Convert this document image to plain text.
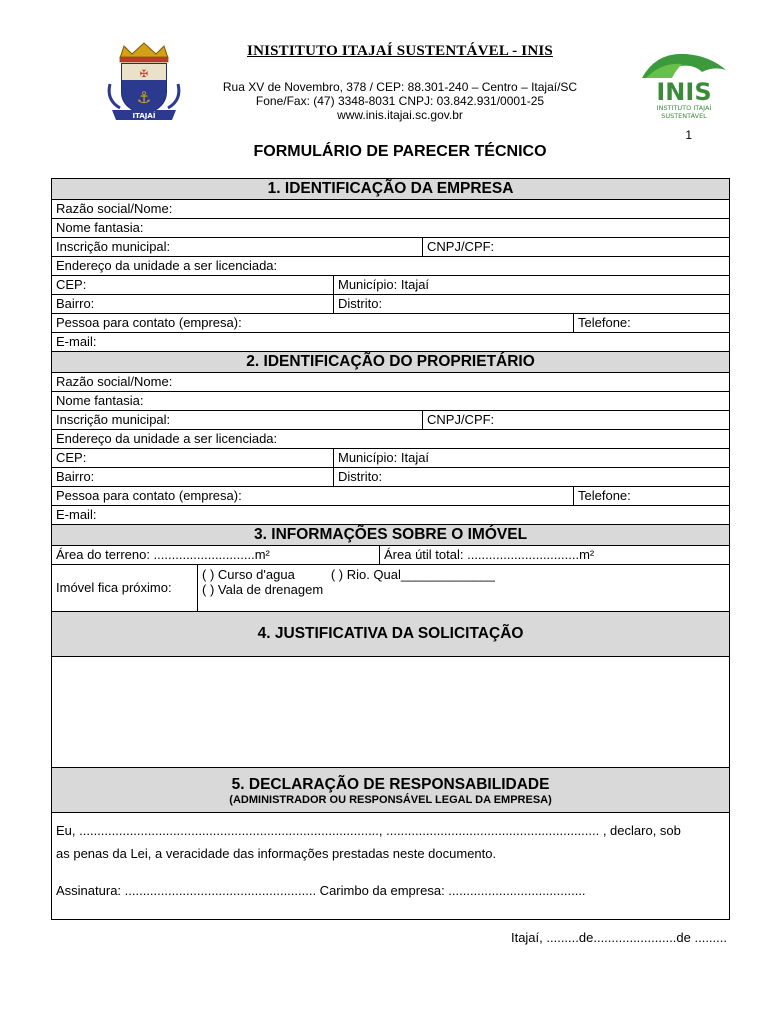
✠
⚓
ITAJAÍ
INISTITUTO ITAJAÍ SUSTENTÁVEL - INIS
Rua XV de Novembro, 378 / CEP: 88.301-240 – Centro – Itajaí/SC
Fone/Fax: (47) 3348-8031 CNPJ: 03.842.931/0001-25
www.inis.itajai.sc.gov.br
INIS
INSTITUTO ITAJAÍ
SUSTENTÁVEL
1
FORMULÁRIO DE PARECER TÉCNICO
1. IDENTIFICAÇÃO DA EMPRESA					
Razão social/Nome:					
Nome fantasia:					
Inscrição municipal:				CNPJ/CPF:	
Endereço da unidade a ser licenciada:					
CEP:		Município: Itajaí			
Bairro:		Distrito:			
Pessoa para contato (empresa):					Telefone:
E-mail:					
2. IDENTIFICAÇÃO DO PROPRIETÁRIO					
Razão social/Nome:					
Nome fantasia:					
Inscrição municipal:				CNPJ/CPF:	
Endereço da unidade a ser licenciada:					
CEP:		Município: Itajaí			
Bairro:		Distrito:			
Pessoa para contato (empresa):					Telefone:
E-mail:					
3. INFORMAÇÕES SOBRE O IMÓVEL					
Área do terreno: ............................m²			Área útil total: ...............................m²		
Imóvel fica próximo:	( ) Curso d'agua ( ) Rio. Qual_____________
( ) Vala de drenagem				

4. JUSTIFICATIVA DA SOLICITAÇÃO					

5. DECLARAÇÃO DE RESPONSABILIDADE
(ADMINISTRADOR OU RESPONSÁVEL LEGAL DA EMPRESA)					

Eu, ..................................................................................., ........................................................... , declaro, sob
as penas da Lei, a veracidade das informações prestadas neste documento.
Assinatura: ..................................................... Carimbo da empresa: ......................................					
Itajaí, .........de.......................de .........
